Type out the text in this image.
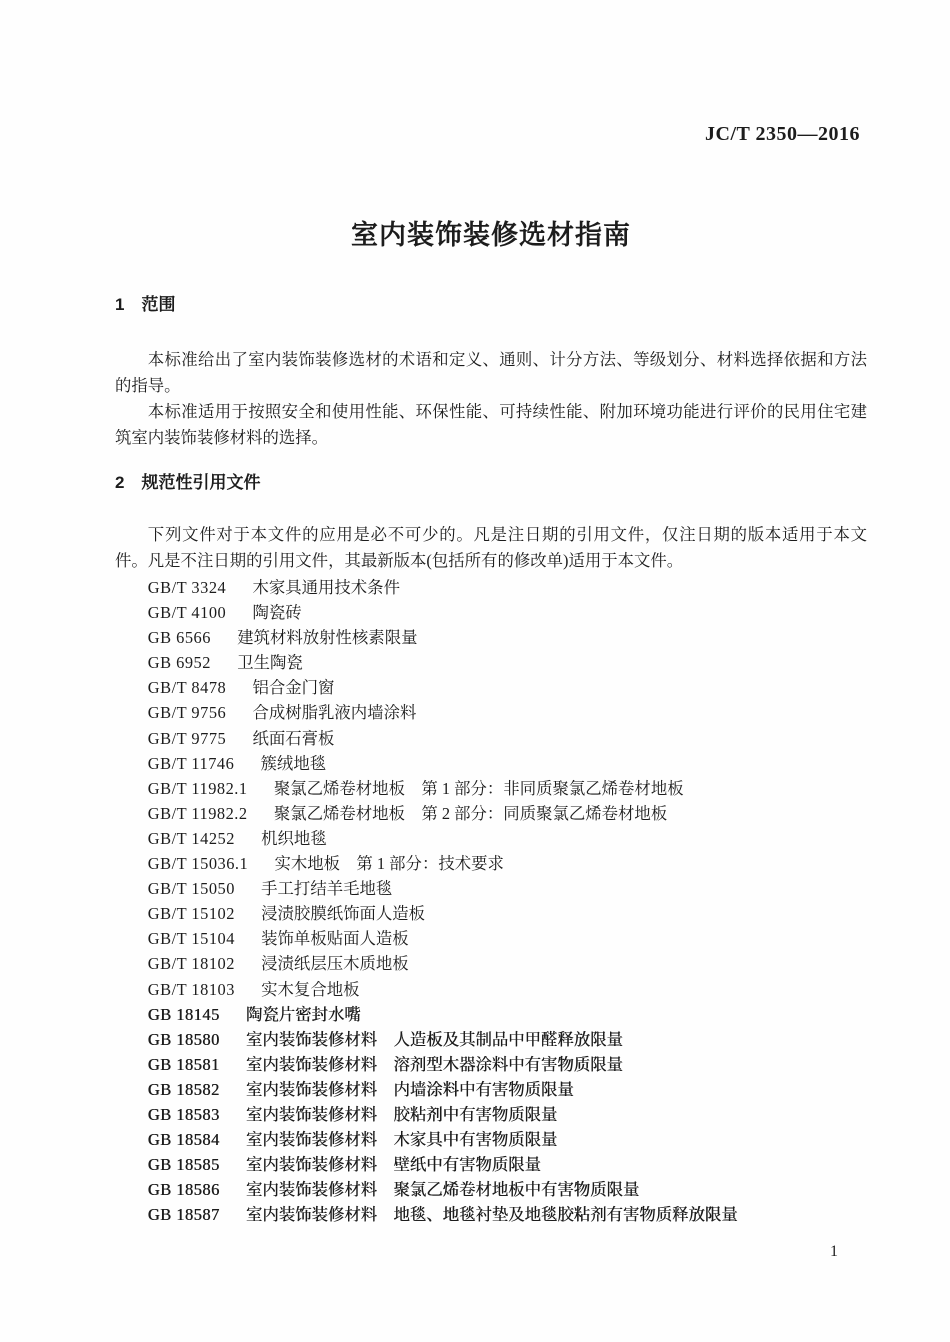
JC/T 2350—2016
室内装饰装修选材指南
1 范围

本标准给出了室内装饰装修选材的术语和定义、通则、计分方法、等级划分、材料选择依据和方法的指导。

本标准适用于按照安全和使用性能、环保性能、可持续性能、附加环境功能进行评价的民用住宅建筑室内装饰装修材料的选择。

2 规范性引用文件

下列文件对于本文件的应用是必不可少的。凡是注日期的引用文件，仅注日期的版本适用于本文件。凡是不注日期的引用文件，其最新版本(包括所有的修改单)适用于本文件。

GB/T 3324 木家具通用技术条件
GB/T 4100 陶瓷砖
GB 6566 建筑材料放射性核素限量
GB 6952 卫生陶瓷
GB/T 8478 铝合金门窗
GB/T 9756 合成树脂乳液内墙涂料
GB/T 9775 纸面石膏板
GB/T 11746 簇绒地毯
GB/T 11982.1 聚氯乙烯卷材地板　第 1 部分：非同质聚氯乙烯卷材地板
GB/T 11982.2 聚氯乙烯卷材地板　第 2 部分：同质聚氯乙烯卷材地板
GB/T 14252 机织地毯
GB/T 15036.1 实木地板　第 1 部分：技术要求
GB/T 15050 手工打结羊毛地毯
GB/T 15102 浸渍胶膜纸饰面人造板
GB/T 15104 装饰单板贴面人造板
GB/T 18102 浸渍纸层压木质地板
GB/T 18103 实木复合地板
GB 18145 陶瓷片密封水嘴
GB 18580 室内装饰装修材料　人造板及其制品中甲醛释放限量
GB 18581 室内装饰装修材料　溶剂型木器涂料中有害物质限量
GB 18582 室内装饰装修材料　内墙涂料中有害物质限量
GB 18583 室内装饰装修材料　胶粘剂中有害物质限量
GB 18584 室内装饰装修材料　木家具中有害物质限量
GB 18585 室内装饰装修材料　壁纸中有害物质限量
GB 18586 室内装饰装修材料　聚氯乙烯卷材地板中有害物质限量
GB 18587 室内装饰装修材料　地毯、地毯衬垫及地毯胶粘剂有害物质释放限量
1
